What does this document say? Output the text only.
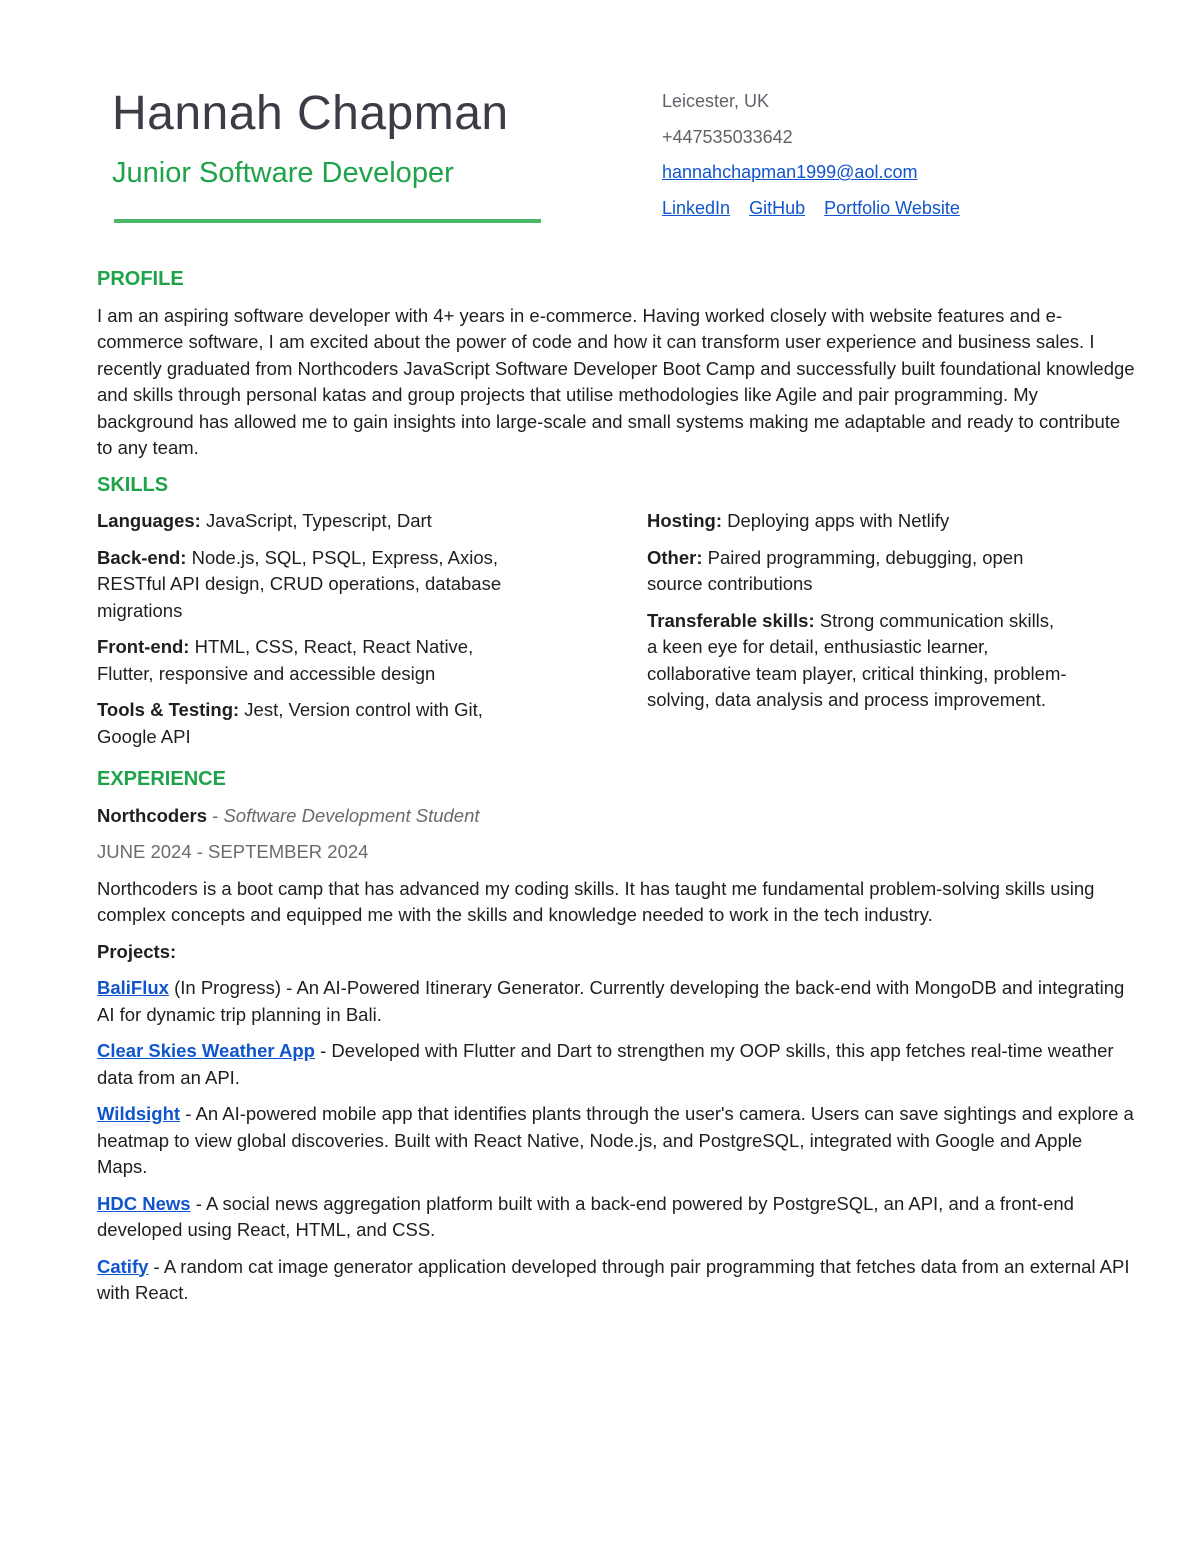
Hannah Chapman
Junior Software Developer
Leicester, UK
+447535033642
hannahchapman1999@aol.com
LinkedIn GitHub Portfolio Website
PROFILE

I am an aspiring software developer with 4+ years in e-commerce. Having worked closely with website features and e-commerce software, I am excited about the power of code and how it can transform user experience and business sales. I recently graduated from Northcoders JavaScript Software Developer Boot Camp and successfully built foundational knowledge and skills through personal katas and group projects that utilise methodologies like Agile and pair programming. My background has allowed me to gain insights into large-scale and small systems making me adaptable and ready to contribute to any team.

SKILLS
Languages: JavaScript, Typescript, Dart
Back-end: Node.js, SQL, PSQL, Express, Axios, RESTful API design, CRUD operations, database migrations
Front-end: HTML, CSS, React, React Native, Flutter, responsive and accessible design
Tools & Testing: Jest, Version control with Git, Google API
Hosting: Deploying apps with Netlify
Other: Paired programming, debugging, open source contributions
Transferable skills: Strong communication skills, a keen eye for detail, enthusiastic learner, collaborative team player, critical thinking, problem-solving, data analysis and process improvement.
EXPERIENCE
Northcoders - Software Development Student
JUNE 2024 - SEPTEMBER 2024

Northcoders is a boot camp that has advanced my coding skills. It has taught me fundamental problem-solving skills using complex concepts and equipped me with the skills and knowledge needed to work in the tech industry.

Projects:
BaliFlux (In Progress) - An AI-Powered Itinerary Generator. Currently developing the back-end with MongoDB and integrating AI for dynamic trip planning in Bali.
Clear Skies Weather App - Developed with Flutter and Dart to strengthen my OOP skills, this app fetches real-time weather data from an API.
Wildsight - An AI-powered mobile app that identifies plants through the user's camera. Users can save sightings and explore a heatmap to view global discoveries. Built with React Native, Node.js, and PostgreSQL, integrated with Google and Apple Maps.
HDC News - A social news aggregation platform built with a back-end powered by PostgreSQL, an API, and a front-end developed using React, HTML, and CSS.
Catify - A random cat image generator application developed through pair programming that fetches data from an external API with React.
